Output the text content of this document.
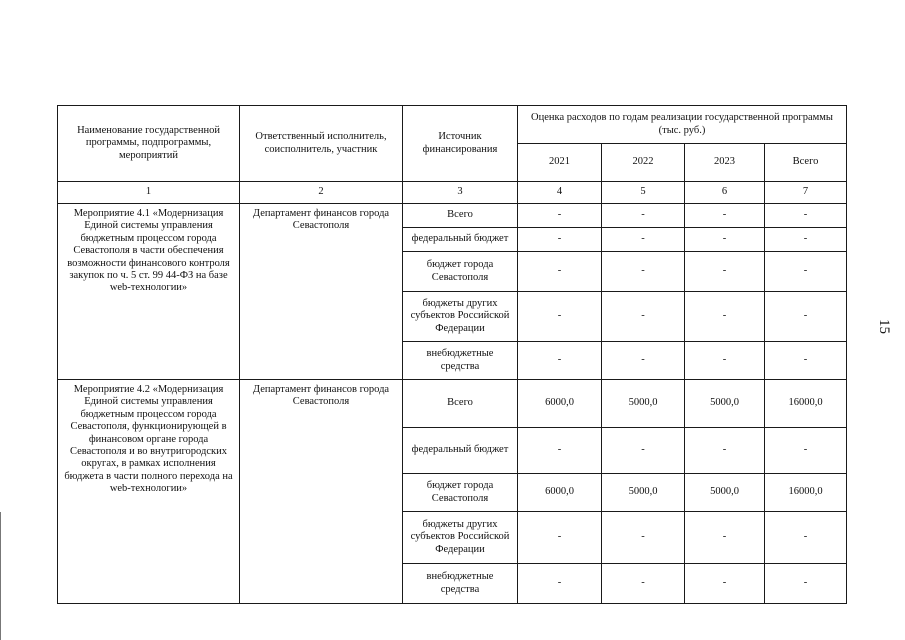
Наименование государственной программы, подпрограммы, мероприятий	Ответственный исполнитель, соисполнитель, участник	Источник финансирования	Оценка расходов по годам реализации государственной программы (тыс. руб.)			
			2021	2022	2023	Всего
1	2	3	4	5	6	7
Мероприятие 4.1 «Модернизация Единой системы управления бюджетным процессом города Севастополя в части обеспечения возможности финансового контроля закупок по ч. 5 ст. 99 44-ФЗ на базе web-технологии»	Департамент финансов города Севастополя	Всего	-	-	-	-
		федеральный бюджет	-	-	-	-
		бюджет города Севастополя	-	-	-	-
		бюджеты других субъектов Российской Федерации	-	-	-	-
		внебюджетные средства	-	-	-	-
Мероприятие 4.2 «Модернизация Единой системы управления бюджетным процессом города Севастополя, функционирующей в финансовом органе города Севастополя и во внутригородских округах, в рамках исполнения бюджета в части полного перехода на web-технологии»	Департамент финансов города Севастополя	Всего	6000,0	5000,0	5000,0	16000,0
		федеральный бюджет	-	-	-	-
		бюджет города Севастополя	6000,0	5000,0	5000,0	16000,0
		бюджеты других субъектов Российской Федерации	-	-	-	-
		внебюджетные средства	-	-	-	-
15
